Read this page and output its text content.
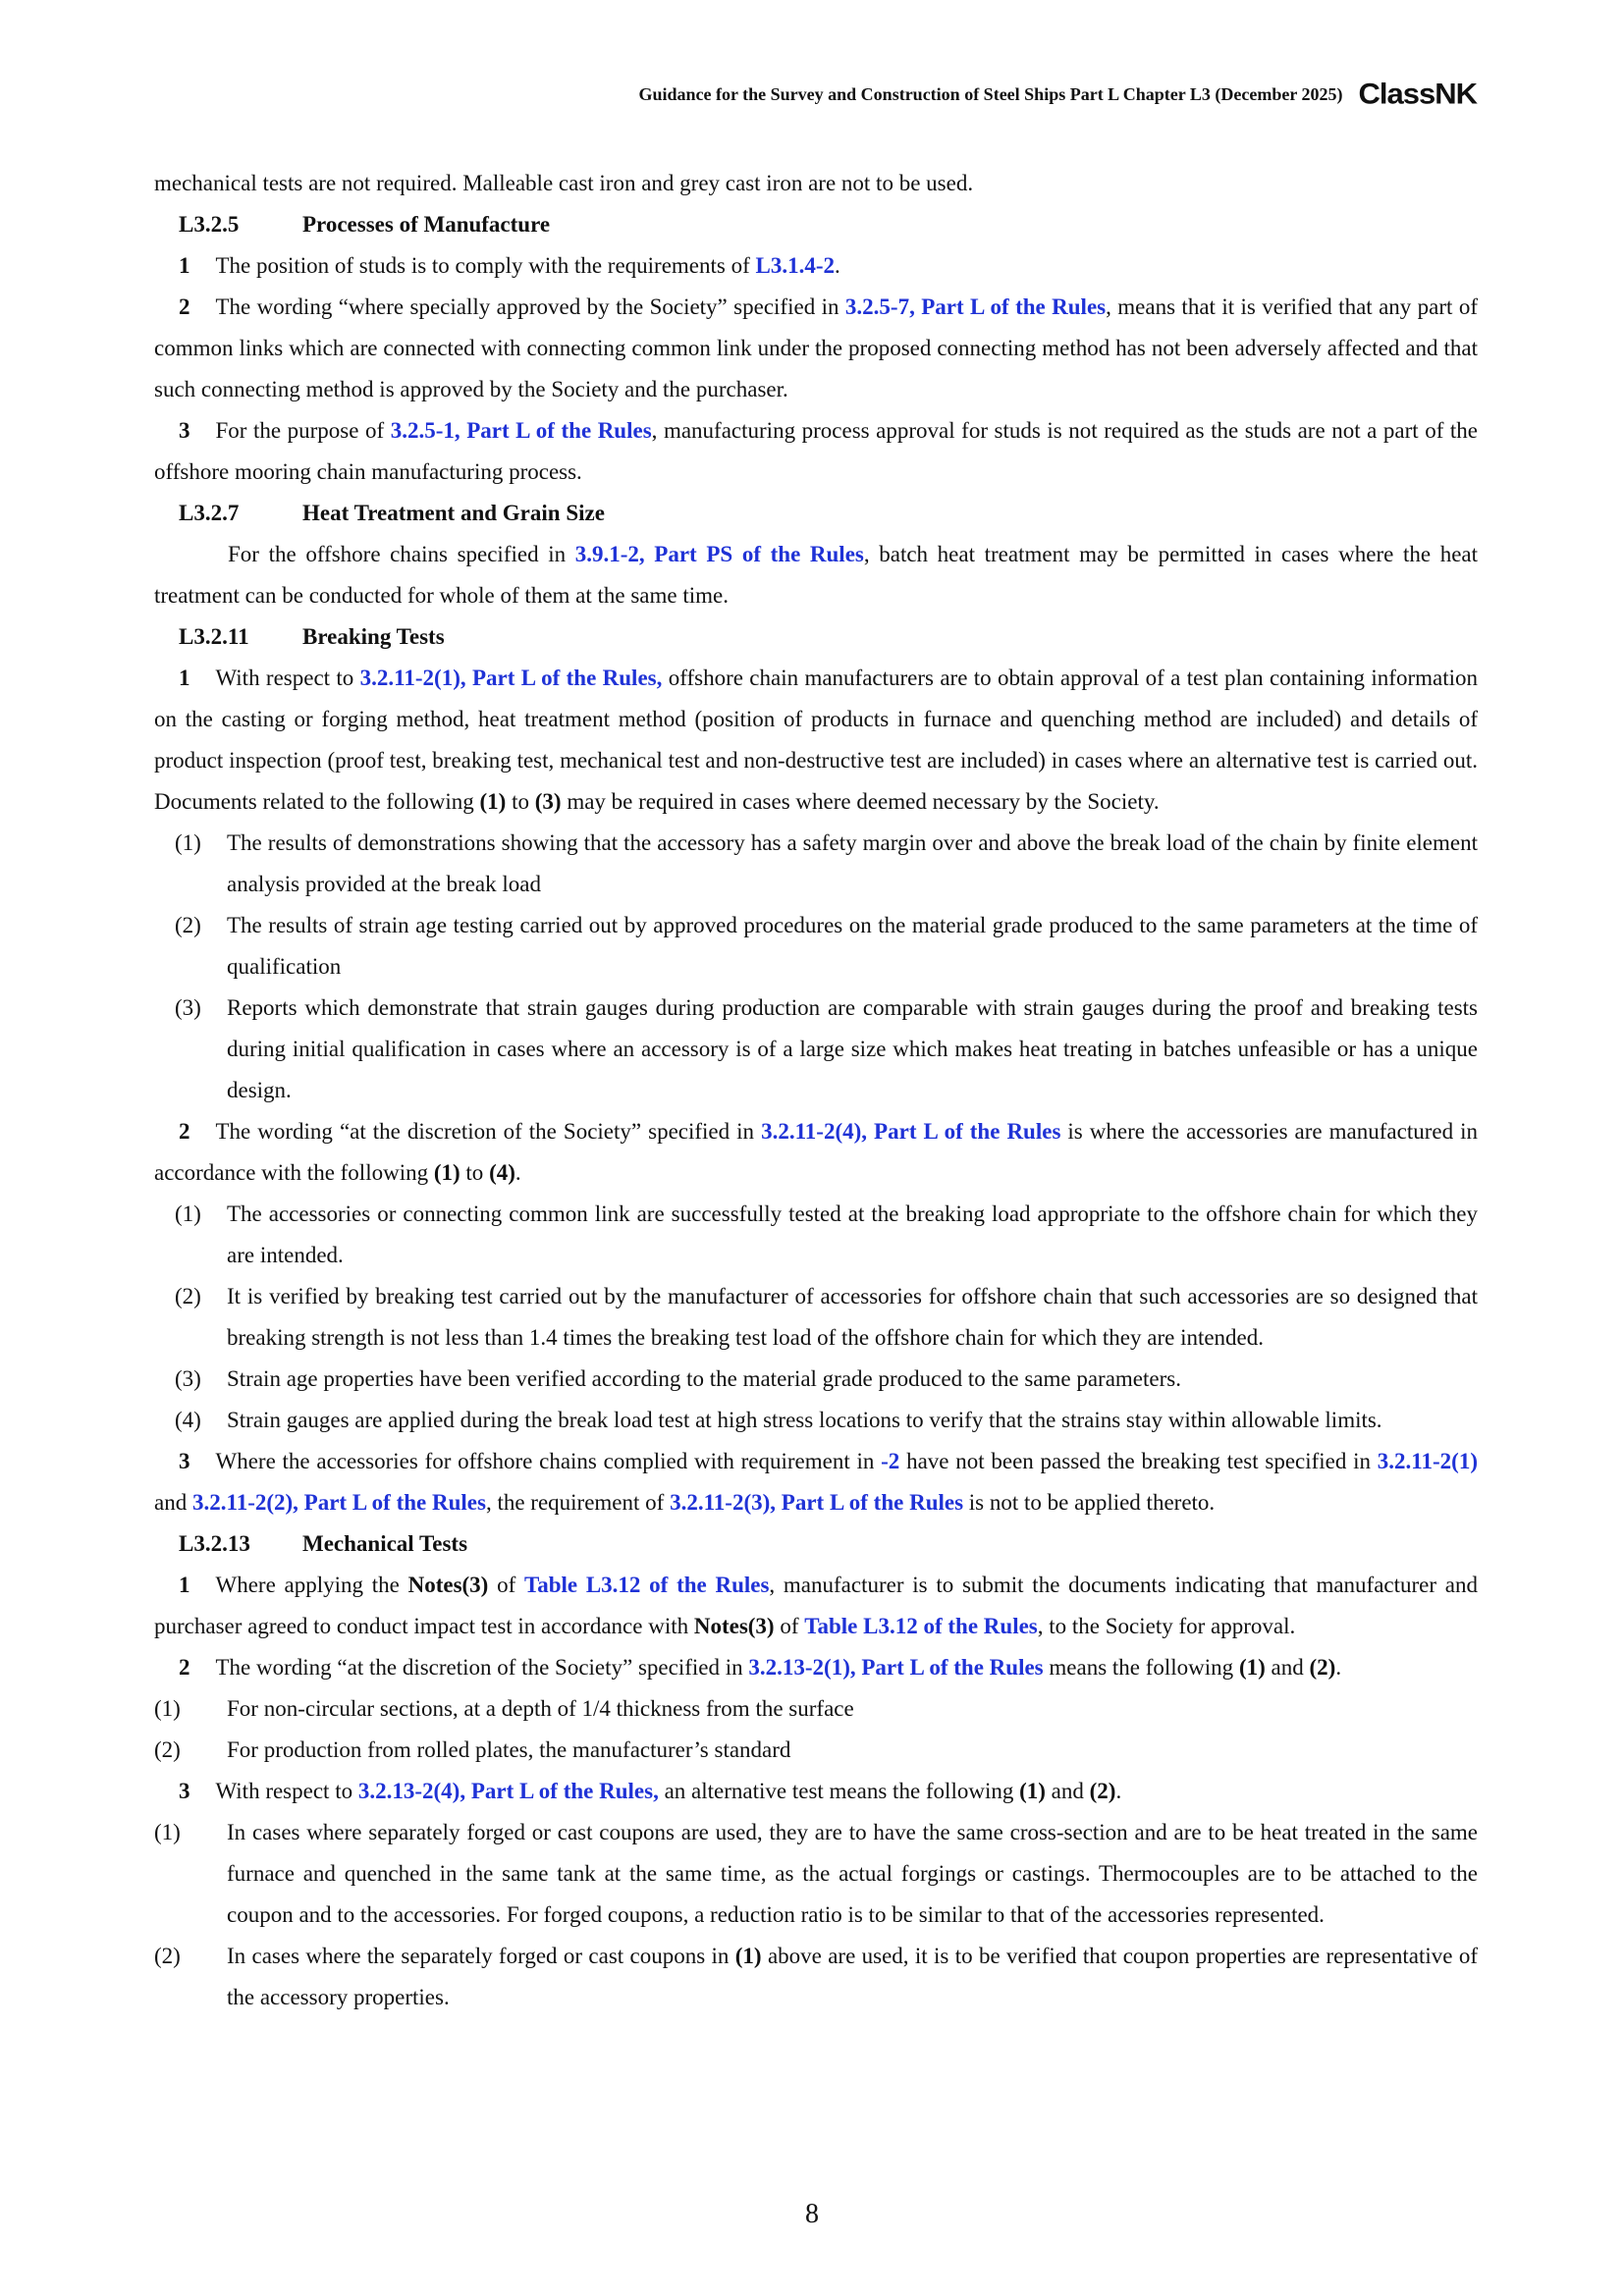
Guidance for the Survey and Construction of Steel Ships Part L Chapter L3 (December 2025) ClassNK

mechanical tests are not required. Malleable cast iron and grey cast iron are not to be used.

L3.2.5	Processes of Manufacture

1 The position of studs is to comply with the requirements of L3.1.4-2.

2 The wording “where specially approved by the Society” specified in 3.2.5-7, Part L of the Rules, means that it is verified that any part of common links which are connected with connecting common link under the proposed connecting method has not been adversely affected and that such connecting method is approved by the Society and the purchaser.

3 For the purpose of 3.2.5-1, Part L of the Rules, manufacturing process approval for studs is not required as the studs are not a part of the offshore mooring chain manufacturing process.

L3.2.7	Heat Treatment and Grain Size

For the offshore chains specified in 3.9.1-2, Part PS of the Rules, batch heat treatment may be permitted in cases where the heat treatment can be conducted for whole of them at the same time.

L3.2.11 Breaking Tests

1 With respect to 3.2.11-2(1), Part L of the Rules, offshore chain manufacturers are to obtain approval of a test plan containing information on the casting or forging method, heat treatment method (position of products in furnace and quenching method are included) and details of product inspection (proof test, breaking test, mechanical test and non-destructive test are included) in cases where an alternative test is carried out. Documents related to the following (1) to (3) may be required in cases where deemed necessary by the Society.

(1) The results of demonstrations showing that the accessory has a safety margin over and above the break load of the chain by finite element analysis provided at the break load

(2) The results of strain age testing carried out by approved procedures on the material grade produced to the same parameters at the time of qualification

(3) Reports which demonstrate that strain gauges during production are comparable with strain gauges during the proof and breaking tests during initial qualification in cases where an accessory is of a large size which makes heat treating in batches unfeasible or has a unique design.

2 The wording “at the discretion of the Society” specified in 3.2.11-2(4), Part L of the Rules is where the accessories are manufactured in accordance with the following (1) to (4).

(1) The accessories or connecting common link are successfully tested at the breaking load appropriate to the offshore chain for which they are intended.

(2) It is verified by breaking test carried out by the manufacturer of accessories for offshore chain that such accessories are so designed that breaking strength is not less than 1.4 times the breaking test load of the offshore chain for which they are intended.

(3) Strain age properties have been verified according to the material grade produced to the same parameters.

(4) Strain gauges are applied during the break load test at high stress locations to verify that the strains stay within allowable limits.

3 Where the accessories for offshore chains complied with requirement in -2 have not been passed the breaking test specified in 3.2.11-2(1) and 3.2.11-2(2), Part L of the Rules, the requirement of 3.2.11-2(3), Part L of the Rules is not to be applied thereto.

L3.2.13 Mechanical Tests

1 Where applying the Notes(3) of Table L3.12 of the Rules, manufacturer is to submit the documents indicating that manufacturer and purchaser agreed to conduct impact test in accordance with Notes(3) of Table L3.12 of the Rules, to the Society for approval.

2 The wording “at the discretion of the Society” specified in 3.2.13-2(1), Part L of the Rules means the following (1) and (2).

(1) For non-circular sections, at a depth of 1/4 thickness from the surface

(2) For production from rolled plates, the manufacturer’s standard

3 With respect to 3.2.13-2(4), Part L of the Rules, an alternative test means the following (1) and (2).

(1) In cases where separately forged or cast coupons are used, they are to have the same cross-section and are to be heat treated in the same furnace and quenched in the same tank at the same time, as the actual forgings or castings. Thermocouples are to be attached to the coupon and to the accessories. For forged coupons, a reduction ratio is to be similar to that of the accessories represented.

(2) In cases where the separately forged or cast coupons in (1) above are used, it is to be verified that coupon properties are representative of the accessory properties.

8
